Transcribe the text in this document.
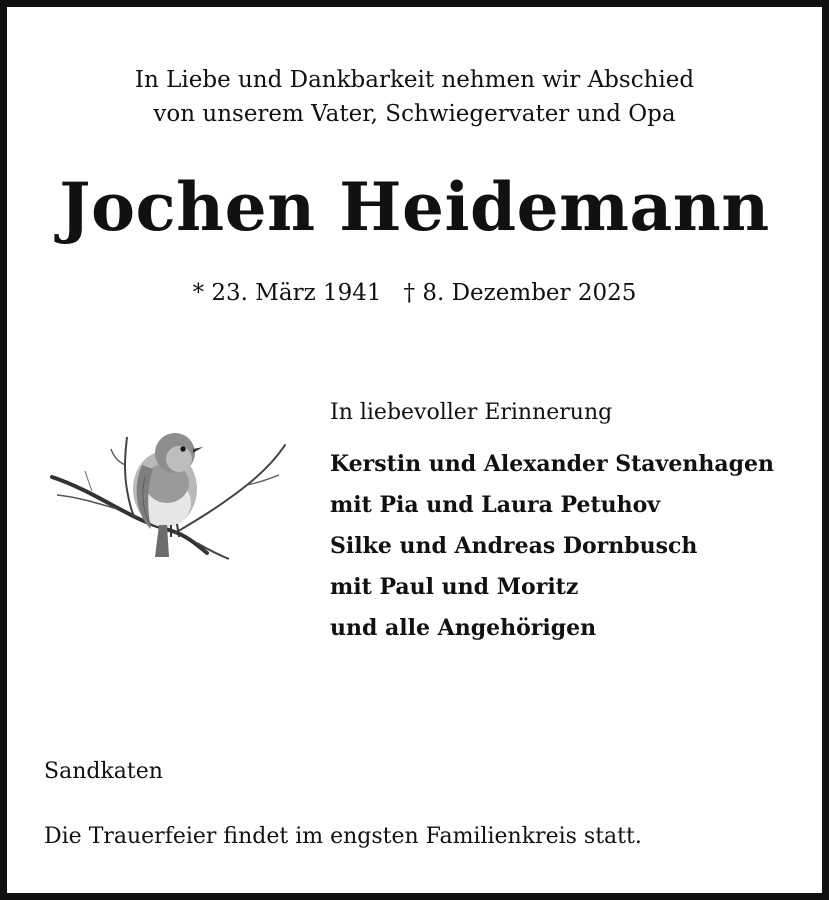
In Liebe und Dankbarkeit nehmen wir Abschied
von unserem Vater, Schwiegervater und Opa
Jochen Heidemann
* 23. März 1941 † 8. Dezember 2025
In liebevoller Erinnerung
Kerstin und Alexander Stavenhagen
mit Pia und Laura Petuhov
Silke und Andreas Dornbusch
mit Paul und Moritz
und alle Angehörigen
Sandkaten
Die Trauerfeier findet im engsten Familienkreis statt.
